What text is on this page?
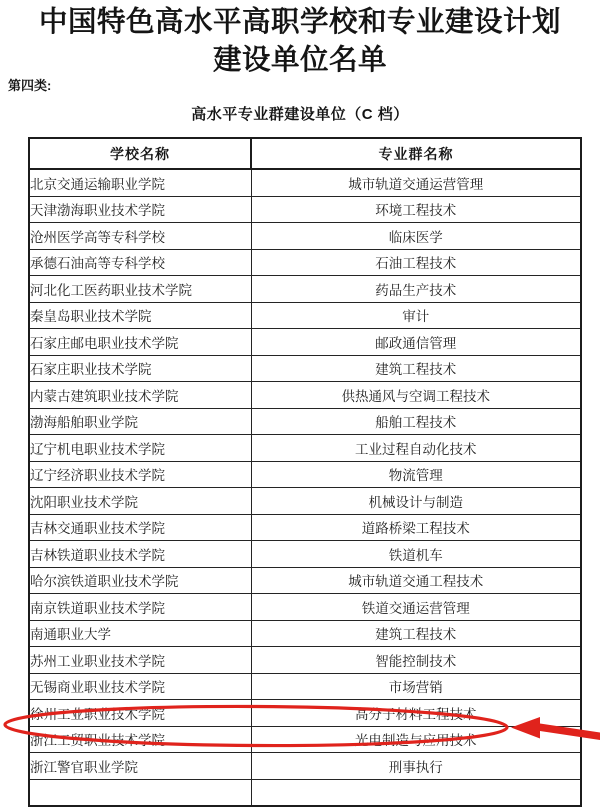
中国特色高水平高职学校和专业建设计划
建设单位名单
第四类:
高水平专业群建设单位（C 档）
学校名称	专业群名称
北京交通运输职业学院	城市轨道交通运营管理
天津渤海职业技术学院	环境工程技术
沧州医学高等专科学校	临床医学
承德石油高等专科学校	石油工程技术
河北化工医药职业技术学院	药品生产技术
秦皇岛职业技术学院	审计
石家庄邮电职业技术学院	邮政通信管理
石家庄职业技术学院	建筑工程技术
内蒙古建筑职业技术学院	供热通风与空调工程技术
渤海船舶职业学院	船舶工程技术
辽宁机电职业技术学院	工业过程自动化技术
辽宁经济职业技术学院	物流管理
沈阳职业技术学院	机械设计与制造
吉林交通职业技术学院	道路桥梁工程技术
吉林铁道职业技术学院	铁道机车
哈尔滨铁道职业技术学院	城市轨道交通工程技术
南京铁道职业技术学院	铁道交通运营管理
南通职业大学	建筑工程技术
苏州工业职业技术学院	智能控制技术
无锡商业职业技术学院	市场营销
徐州工业职业技术学院	高分子材料工程技术
浙江工贸职业技术学院	光电制造与应用技术
浙江警官职业学院	刑事执行
